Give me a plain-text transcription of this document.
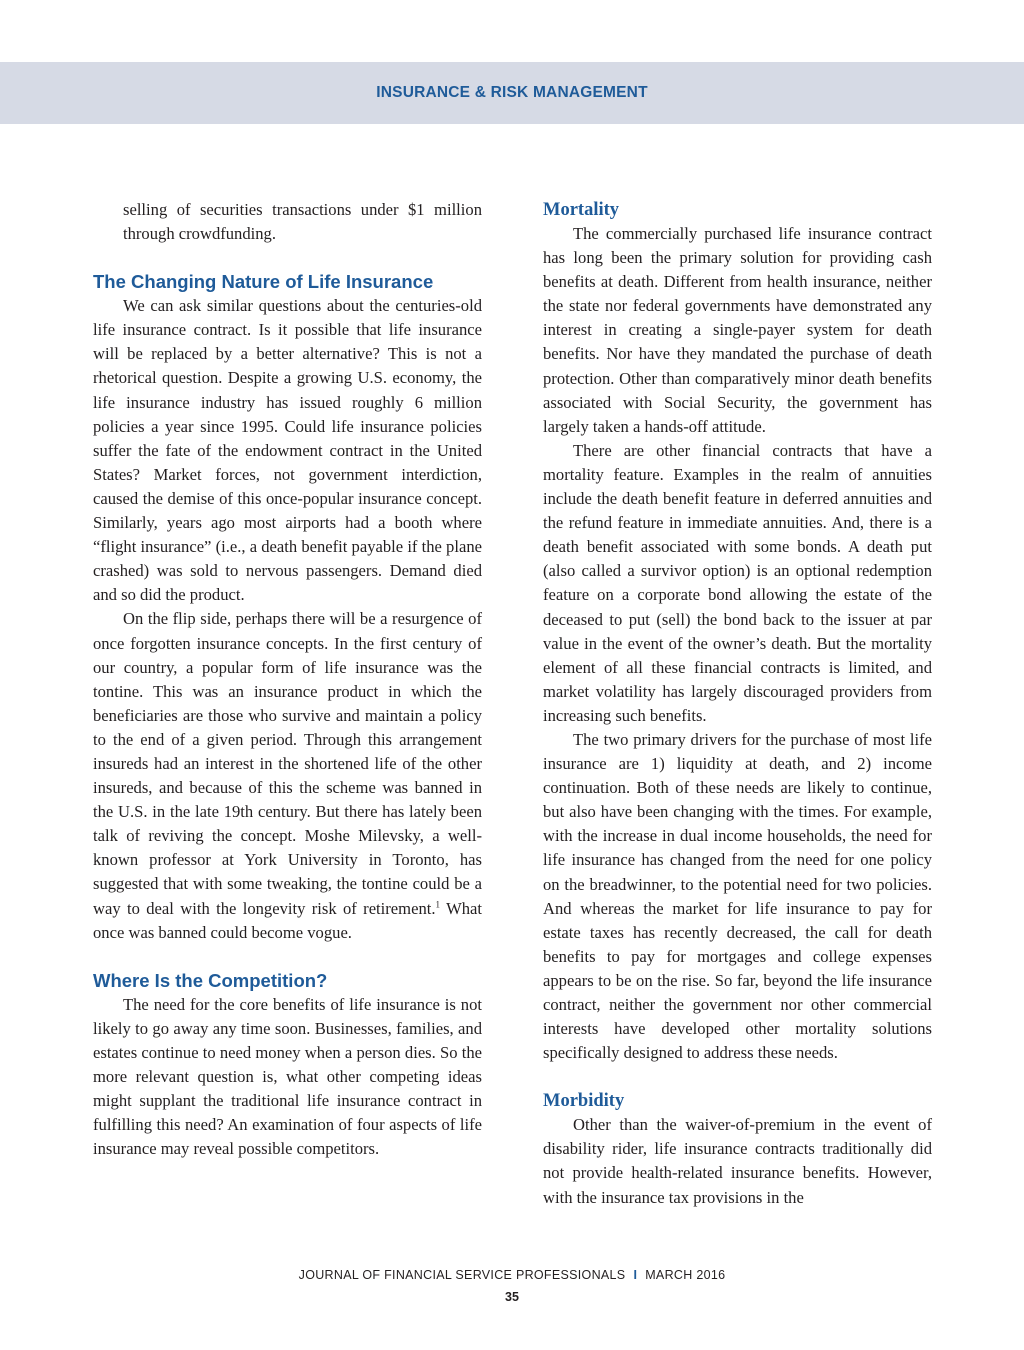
INSURANCE & RISK MANAGEMENT

selling of securities transactions under $1 million through crowdfunding.

The Changing Nature of Life Insurance

We can ask similar questions about the centuries-old life insurance contract. Is it possible that life insurance will be replaced by a better alternative? This is not a rhetorical question. Despite a growing U.S. economy, the life insurance industry has issued roughly 6 million policies a year since 1995. Could life insurance policies suffer the fate of the endowment contract in the United States? Market forces, not government interdiction, caused the demise of this once-popular insurance concept. Similarly, years ago most airports had a booth where “flight insurance” (i.e., a death benefit payable if the plane crashed) was sold to nervous passengers. Demand died and so did the product.

On the flip side, perhaps there will be a resurgence of once forgotten insurance concepts. In the first century of our country, a popular form of life insurance was the tontine. This was an insurance product in which the beneficiaries are those who survive and maintain a policy to the end of a given period. Through this arrangement insureds had an interest in the shortened life of the other insureds, and because of this the scheme was banned in the U.S. in the late 19th century. But there has lately been talk of reviving the concept. Moshe Milevsky, a well-known professor at York University in Toronto, has suggested that with some tweaking, the tontine could be a way to deal with the longevity risk of retirement.$^1$ What once was banned could become vogue.

Where Is the Competition?

The need for the core benefits of life insurance is not likely to go away any time soon. Businesses, families, and estates continue to need money when a person dies. So the more relevant question is, what other competing ideas might supplant the traditional life insurance contract in fulfilling this need? An examination of four aspects of life insurance may reveal possible competitors.

Mortality

The commercially purchased life insurance contract has long been the primary solution for providing cash benefits at death. Different from health insurance, neither the state nor federal governments have demonstrated any interest in creating a single-payer system for death benefits. Nor have they mandated the purchase of death protection. Other than comparatively minor death benefits associated with Social Security, the government has largely taken a hands-off attitude.

There are other financial contracts that have a mortality feature. Examples in the realm of annuities include the death benefit feature in deferred annuities and the refund feature in immediate annuities. And, there is a death benefit associated with some bonds. A death put (also called a survivor option) is an optional redemption feature on a corporate bond allowing the estate of the deceased to put (sell) the bond back to the issuer at par value in the event of the owner’s death. But the mortality element of all these financial contracts is limited, and market volatility has largely discouraged providers from increasing such benefits.

The two primary drivers for the purchase of most life insurance are 1) liquidity at death, and 2) income continuation. Both of these needs are likely to continue, but also have been changing with the times. For example, with the increase in dual income households, the need for life insurance has changed from the need for one policy on the breadwinner, to the potential need for two policies. And whereas the market for life insurance to pay for estate taxes has recently decreased, the call for death benefits to pay for mortgages and college expenses appears to be on the rise. So far, beyond the life insurance contract, neither the government nor other commercial interests have developed other mortality solutions specifically designed to address these needs.

Morbidity

Other than the waiver-of-premium in the event of disability rider, life insurance contracts traditionally did not provide health-related insurance benefits. However, with the insurance tax provisions in the

JOURNAL OF FINANCIAL SERVICE PROFESSIONALS I MARCH 2016
35
